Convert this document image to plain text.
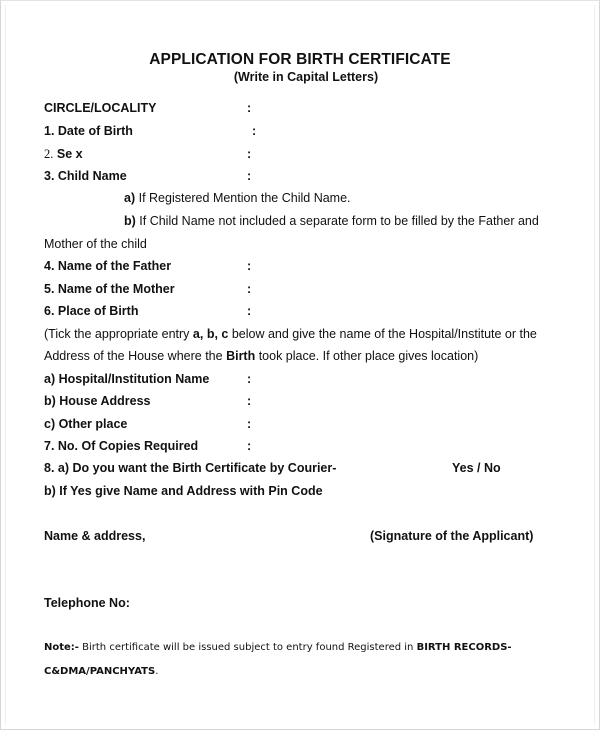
APPLICATION FOR BIRTH CERTIFICATE
(Write in Capital Letters)
CIRCLE/LOCALITY	:
1. Date of Birth	:
2. Se x	:
3. Child Name	:
a) If Registered Mention the Child Name.
b) If Child Name not included a separate form to be filled by the Father and
Mother of the child
4. Name of the Father	:
5. Name of the Mother	:
6. Place of Birth	:
(Tick the appropriate entry a, b, c below and give the name of the Hospital/Institute or the
Address of the House where the Birth took place. If other place gives location)
a) Hospital/Institution Name	:
b) House Address	:
c) Other place	:
7. No. Of Copies Required	:
8. a) Do you want the Birth Certificate by Courier-	Yes / No
b) If Yes give Name and Address with Pin Code
Name & address,	(Signature of the Applicant)
Telephone No:
Note:- Birth certificate will be issued subject to entry found Registered in BIRTH RECORDS-
C&DMA/PANCHYATS.
